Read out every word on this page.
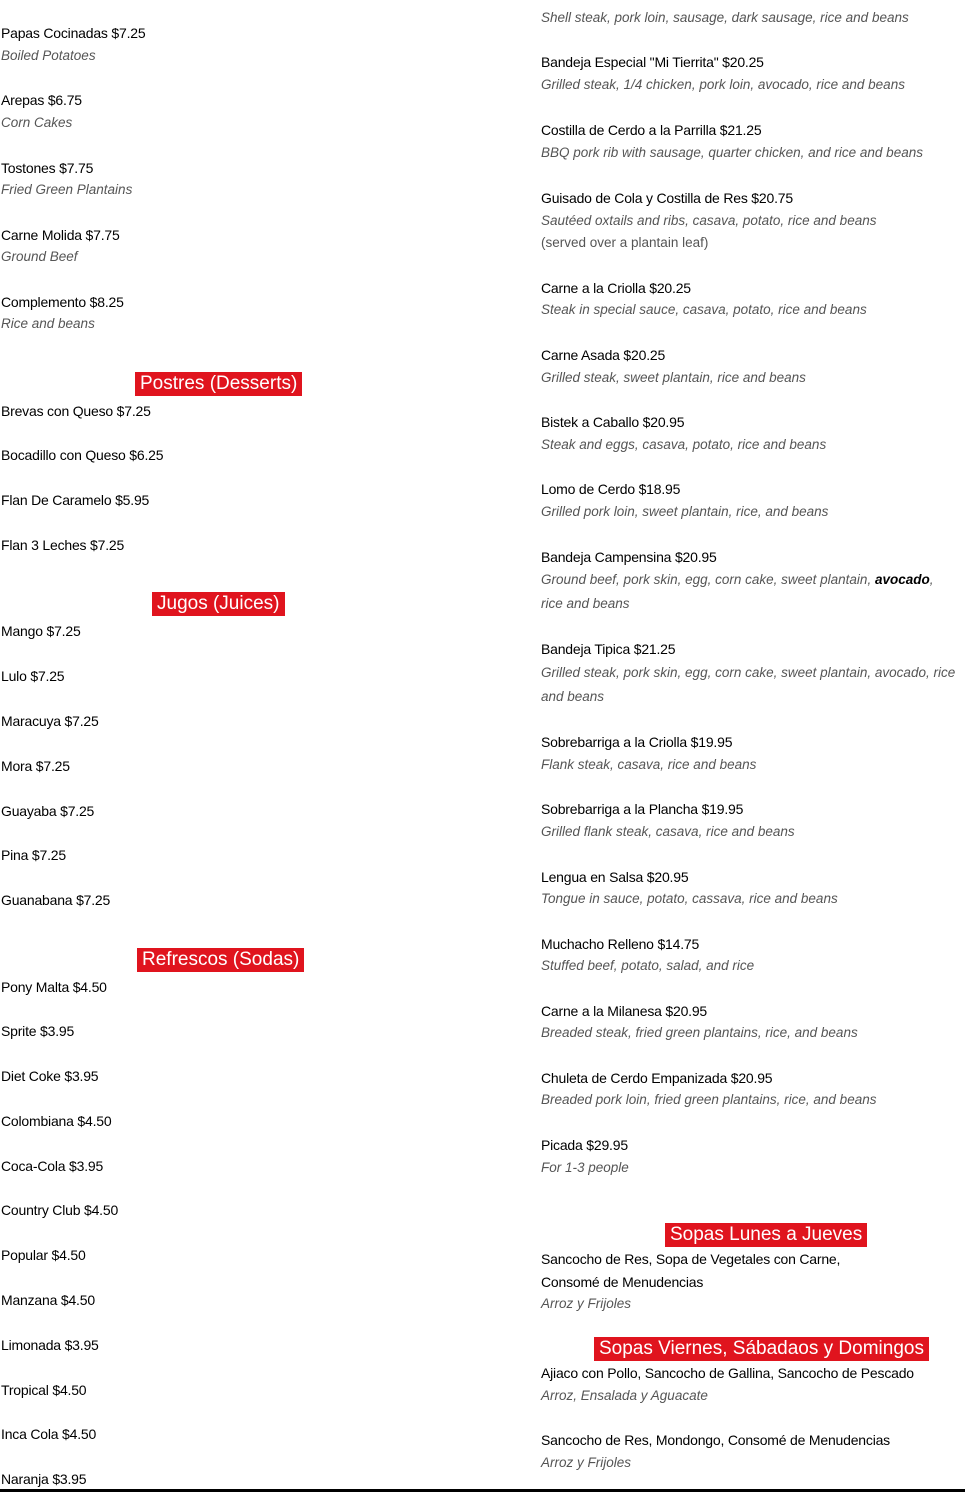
Papas Cocinadas $7.25
Boiled Potatoes
Arepas $6.75
Corn Cakes
Tostones $7.75
Fried Green Plantains
Carne Molida $7.75
Ground Beef
Complemento $8.25
Rice and beans
Postres (Desserts)
Brevas con Queso $7.25
Bocadillo con Queso $6.25
Flan De Caramelo $5.95
Flan 3 Leches $7.25
Jugos (Juices)
Mango $7.25
Lulo $7.25
Maracuya $7.25
Mora $7.25
Guayaba $7.25
Pina $7.25
Guanabana $7.25
Refrescos (Sodas)
Pony Malta $4.50
Sprite $3.95
Diet Coke $3.95
Colombiana $4.50
Coca-Cola $3.95
Country Club $4.50
Popular $4.50
Manzana $4.50
Limonada $3.95
Tropical $4.50
Inca Cola $4.50
Naranja $3.95
Shell steak, pork loin, sausage, dark sausage, rice and beans
Bandeja Especial "Mi Tierrita" $20.25
Grilled steak, 1/4 chicken, pork loin, avocado, rice and beans
Costilla de Cerdo a la Parrilla $21.25
BBQ pork rib with sausage, quarter chicken, and rice and beans
Guisado de Cola y Costilla de Res $20.75
Sautéed oxtails and ribs, casava, potato, rice and beans
(served over a plantain leaf)
Carne a la Criolla $20.25
Steak in special sauce, casava, potato, rice and beans
Carne Asada $20.25
Grilled steak, sweet plantain, rice and beans
Bistek a Caballo $20.95
Steak and eggs, casava, potato, rice and beans
Lomo de Cerdo $18.95
Grilled pork loin, sweet plantain, rice, and beans
Bandeja Campensina $20.95
Ground beef, pork skin, egg, corn cake, sweet plantain, avocado,
rice and beans
Bandeja Tipica $21.25
Grilled steak, pork skin, egg, corn cake, sweet plantain, avocado, rice
and beans
Sobrebarriga a la Criolla $19.95
Flank steak, casava, rice and beans
Sobrebarriga a la Plancha $19.95
Grilled flank steak, casava, rice and beans
Lengua en Salsa $20.95
Tongue in sauce, potato, cassava, rice and beans
Muchacho Relleno $14.75
Stuffed beef, potato, salad, and rice
Carne a la Milanesa $20.95
Breaded steak, fried green plantains, rice, and beans
Chuleta de Cerdo Empanizada $20.95
Breaded pork loin, fried green plantains, rice, and beans
Picada $29.95
For 1-3 people
Sopas Lunes a Jueves
Sancocho de Res, Sopa de Vegetales con Carne,
Consomé de Menudencias
Arroz y Frijoles
Sopas Viernes, Sábadaos y Domingos
Ajiaco con Pollo, Sancocho de Gallina, Sancocho de Pescado
Arroz, Ensalada y Aguacate
Sancocho de Res, Mondongo, Consomé de Menudencias
Arroz y Frijoles
